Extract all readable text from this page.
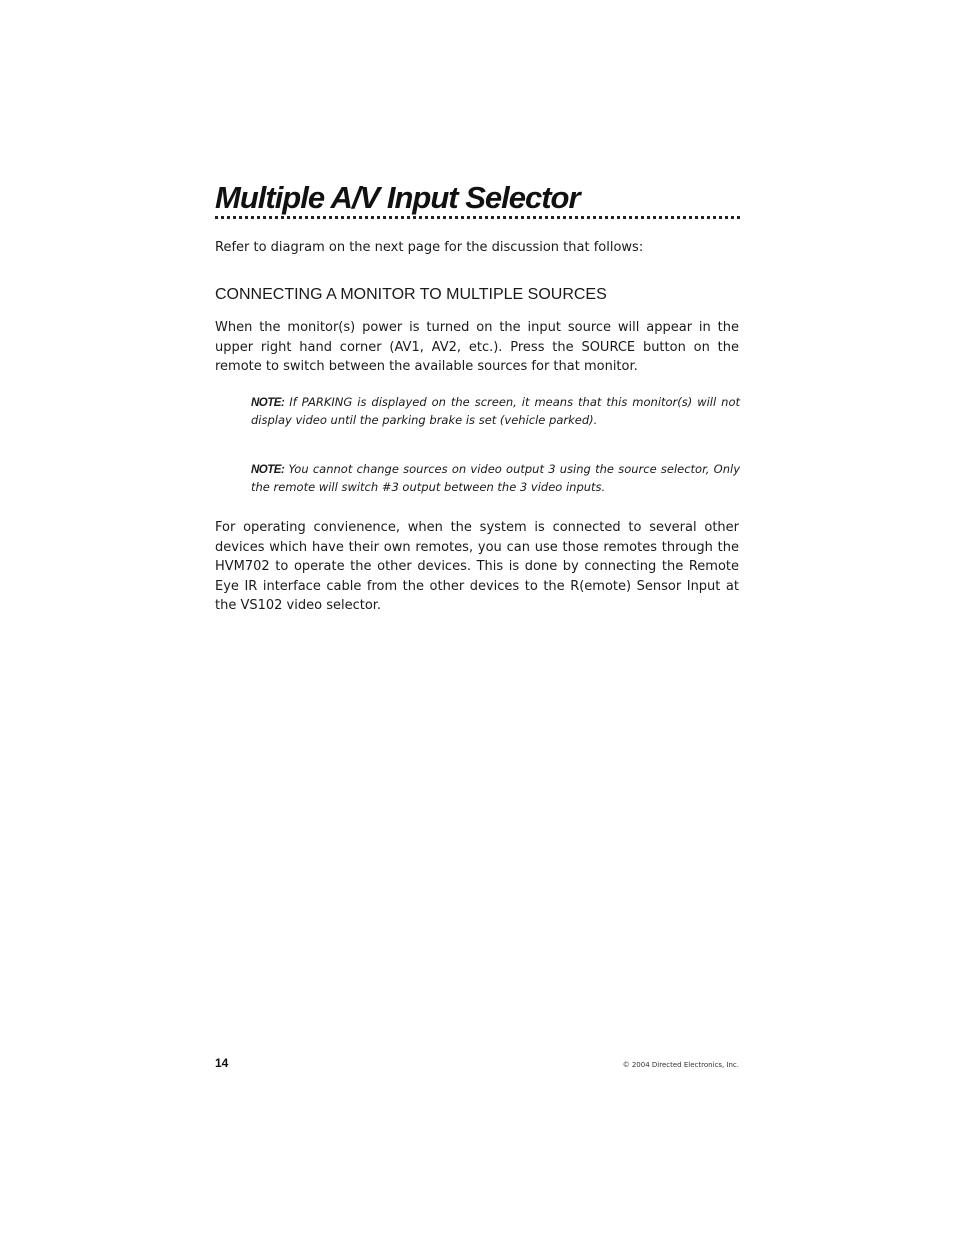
Multiple A/V Input Selector

Refer to diagram on the next page for the discussion that follows:

CONNECTING A MONITOR TO MULTIPLE SOURCES

When the monitor(s) power is turned on the input source will appear in the upper right hand corner (AV1, AV2, etc.). Press the SOURCE button on the remote to switch between the available sources for that monitor.

NOTE: If PARKING is displayed on the screen, it means that this monitor(s) will not display video until the parking brake is set (vehicle parked).

NOTE: You cannot change sources on video output 3 using the source selector, Only the remote will switch #3 output between the 3 video inputs.

For operating convienence, when the system is connected to several other devices which have their own remotes, you can use those remotes through the HVM702 to operate the other devices. This is done by connecting the Remote Eye IR interface cable from the other devices to the R(emote) Sensor Input at the VS102 video selector.

14	© 2004 Directed Electronics, Inc.
